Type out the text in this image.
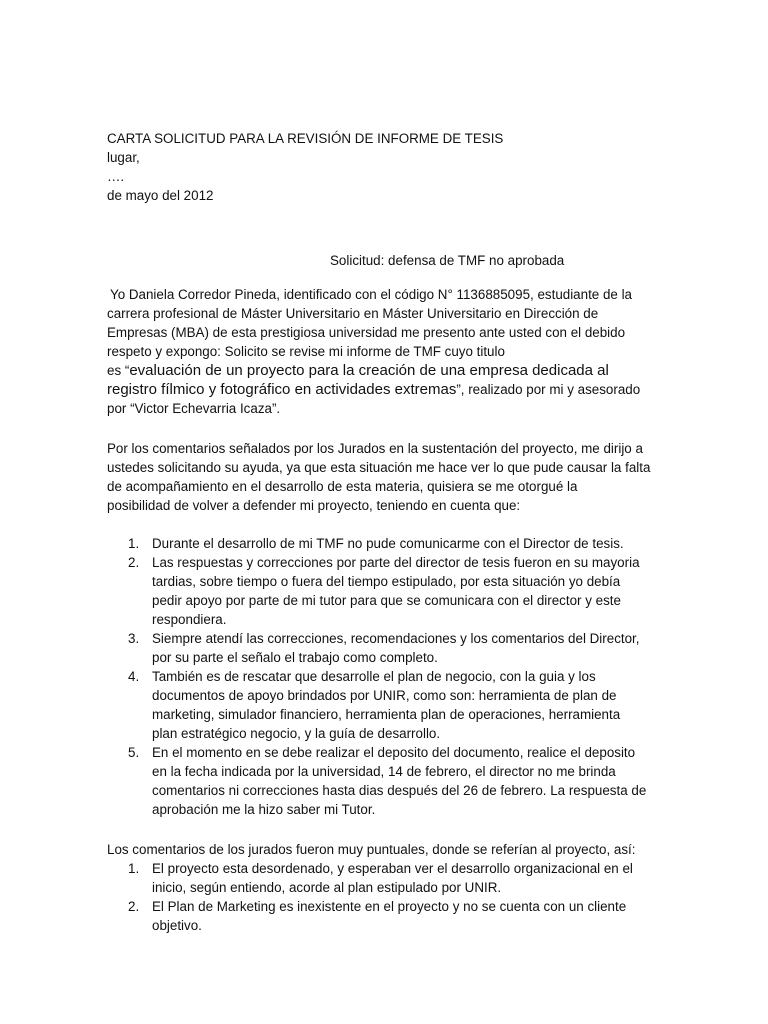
CARTA SOLICITUD PARA LA REVISIÓN DE INFORME DE TESIS
lugar,
….
de mayo del 2012
Solicitud: defensa de TMF no aprobada
Yo Daniela Corredor Pineda, identificado con el código N° 1136885095, estudiante de la
carrera profesional de Máster Universitario en Máster Universitario en Dirección de
Empresas (MBA) de esta prestigiosa universidad me presento ante usted con el debido
respeto y expongo: Solicito se revise mi informe de TMF cuyo titulo
es “evaluación de un proyecto para la creación de una empresa dedicada al
registro fílmico y fotográfico en actividades extremas”, realizado por mi y asesorado
por “Victor Echevarria Icaza”.
Por los comentarios señalados por los Jurados en la sustentación del proyecto, me dirijo a
ustedes solicitando su ayuda, ya que esta situación me hace ver lo que pude causar la falta
de acompañamiento en el desarrollo de esta materia, quisiera se me otorgué la
posibilidad de volver a defender mi proyecto, teniendo en cuenta que:
1. Durante el desarrollo de mi TMF no pude comunicarme con el Director de tesis.
2. Las respuestas y correcciones por parte del director de tesis fueron en su mayoria
tardias, sobre tiempo o fuera del tiempo estipulado, por esta situación yo debía
pedir apoyo por parte de mi tutor para que se comunicara con el director y este
respondiera.
3. Siempre atendí las correcciones, recomendaciones y los comentarios del Director,
por su parte el señalo el trabajo como completo.
4. También es de rescatar que desarrolle el plan de negocio, con la guia y los
documentos de apoyo brindados por UNIR, como son: herramienta de plan de
marketing, simulador financiero, herramienta plan de operaciones, herramienta
plan estratégico negocio, y la guía de desarrollo.
5. En el momento en se debe realizar el deposito del documento, realice el deposito
en la fecha indicada por la universidad, 14 de febrero, el director no me brinda
comentarios ni correcciones hasta dias después del 26 de febrero. La respuesta de
aprobación me la hizo saber mi Tutor.
Los comentarios de los jurados fueron muy puntuales, donde se referían al proyecto, así:
1. El proyecto esta desordenado, y esperaban ver el desarrollo organizacional en el
inicio, según entiendo, acorde al plan estipulado por UNIR.
2. El Plan de Marketing es inexistente en el proyecto y no se cuenta con un cliente
objetivo.
